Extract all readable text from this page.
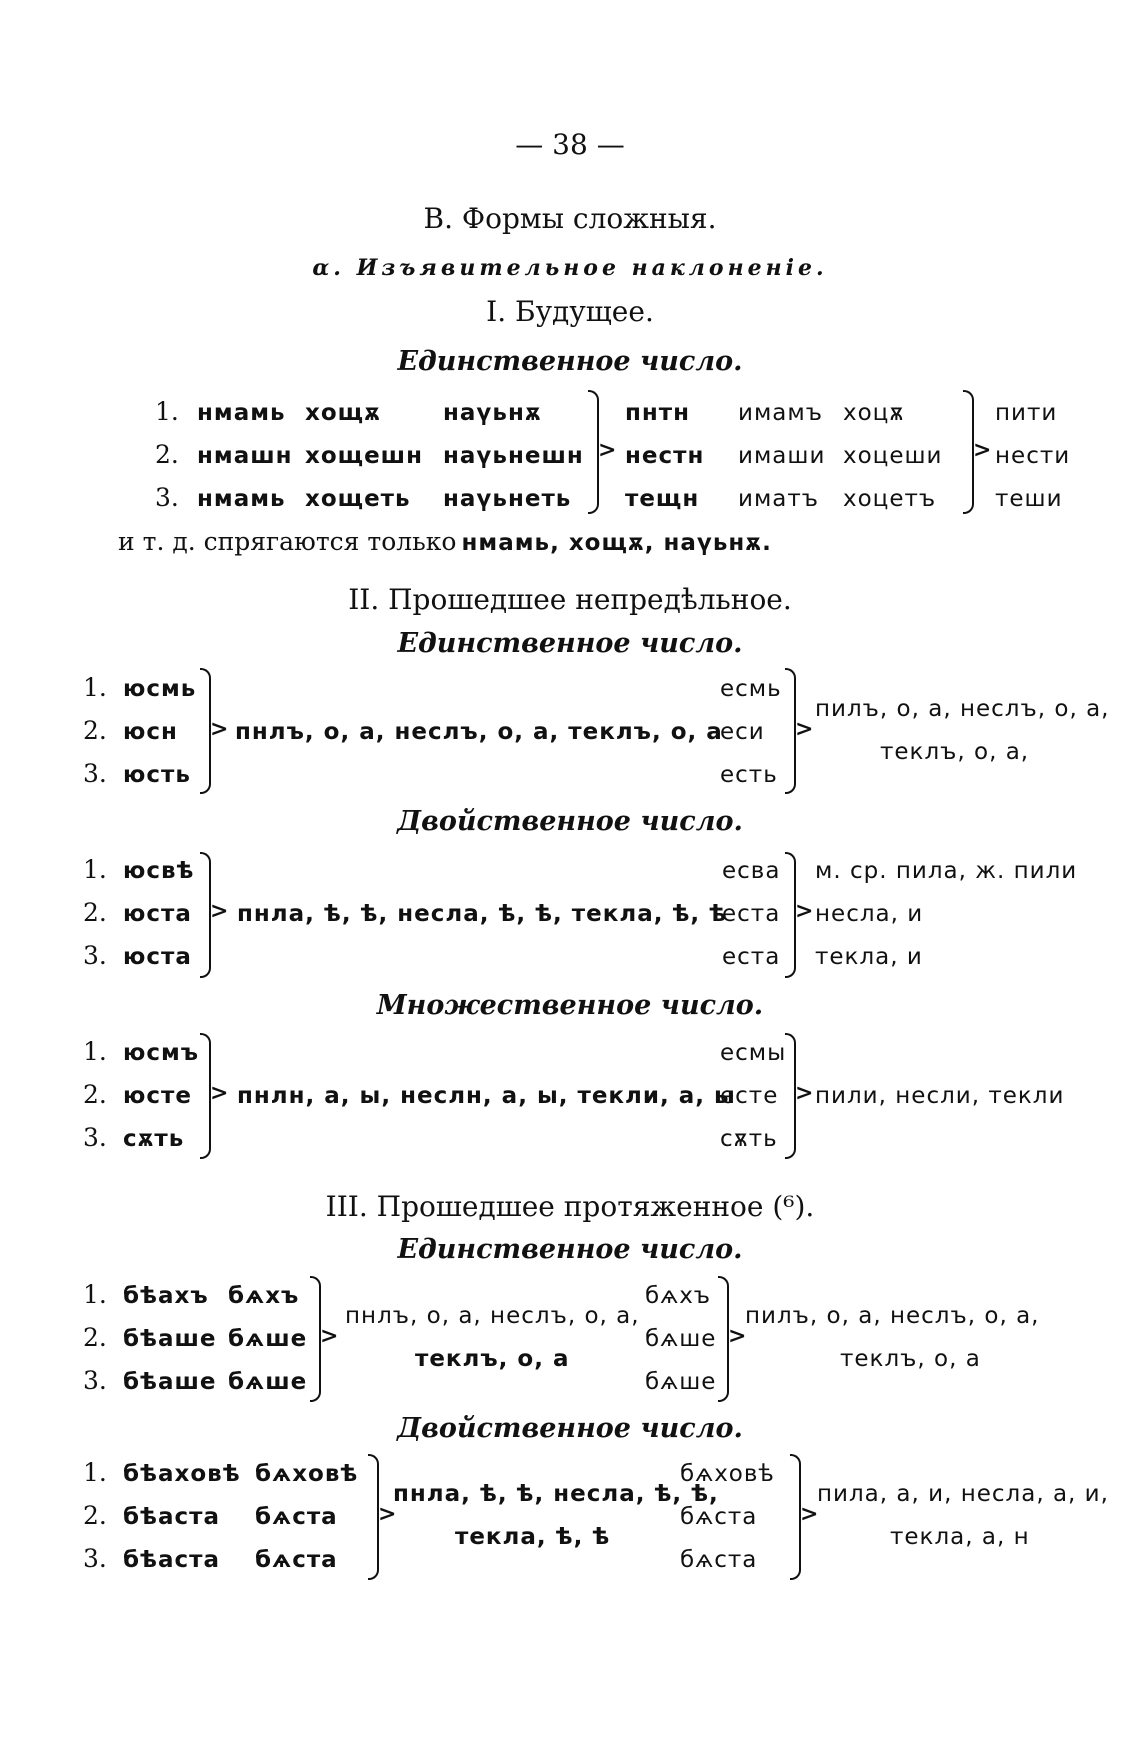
— 38 —
В. Формы сложныя.
α. Изъявительное наклоненіе.
I. Будущее.
Единственное число.
1.
2.
3.
нмамь
нмашн
нмамь
хощѫ
хощешн
хощеть
наүьнѫ
наүьнешн
наүьнеть
>
пнтн
нестн
тещн
имамъ
имаши
иматъ
хоцѫ
хоцеши
хоцетъ
>
пити
нести
теши
и т. д. спрягаются только нмамь, хощѫ, наүьнѫ.
II. Прошедшее непредѣльное.
Единственное число.
1.
2.
3.
юсмь
юсн
юсть
> пнлъ, о, а, неслъ, о, а, теклъ, о, а
есмь
еси
есть
>
пилъ, о, а, неслъ, о, а,
теклъ, о, а,
Двойственное число.
1.
2.
3.
юсвѣ
юста
юста
> пнла, ѣ, ѣ, несла, ѣ, ѣ, текла, ѣ, ѣ
есва
еста
еста
>
м. ср. пила, ж. пили
несла, и
текла, и
Множественное число.
1.
2.
3.
юсмъ
юсте
сѫть
> пнлн, а, ы, неслн, а, ы, текли, а, ы
есмы
есте
сѫть
> пили, несли, текли
III. Прошедшее протяженное (⁶).
Единственное число.
1.
2.
3.
бѣахъ
бѣаше
бѣаше
бѧхъ
бѧше
бѧше
>
пнлъ, о, а, неслъ, о, а,
теклъ, о, а
бѧхъ
бѧше
бѧше
>
пилъ, о, а, неслъ, о, а,
теклъ, о, а
Двойственное число.
1.
2.
3.
бѣаховѣ
бѣаста
бѣаста
бѧховѣ
бѧста
бѧста
>
пнла, ѣ, ѣ, несла, ѣ, ѣ,
текла, ѣ, ѣ
бѧховѣ
бѧста
бѧста
>
пила, а, и, несла, а, и,
текла, а, н
